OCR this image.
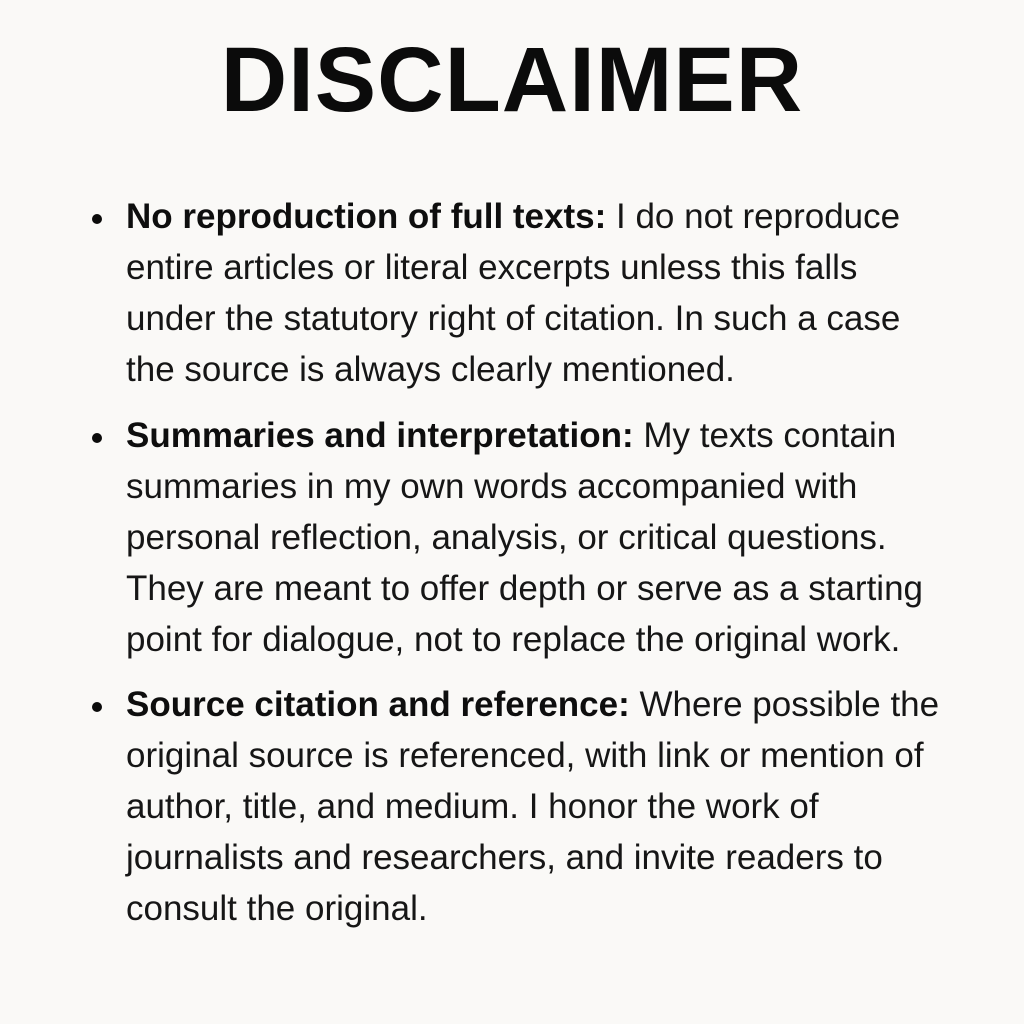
DISCLAIMER
• No reproduction of full texts: I do not reproduce entire articles or literal excerpts unless this falls under the statutory right of citation. In such a case the source is always clearly mentioned.
• Summaries and interpretation: My texts contain summaries in my own words accompanied with personal reflection, analysis, or critical questions. They are meant to offer depth or serve as a starting point for dialogue, not to replace the original work.
• Source citation and reference: Where possible the original source is referenced, with link or mention of author, title, and medium. I honor the work of journalists and researchers, and invite readers to consult the original.
